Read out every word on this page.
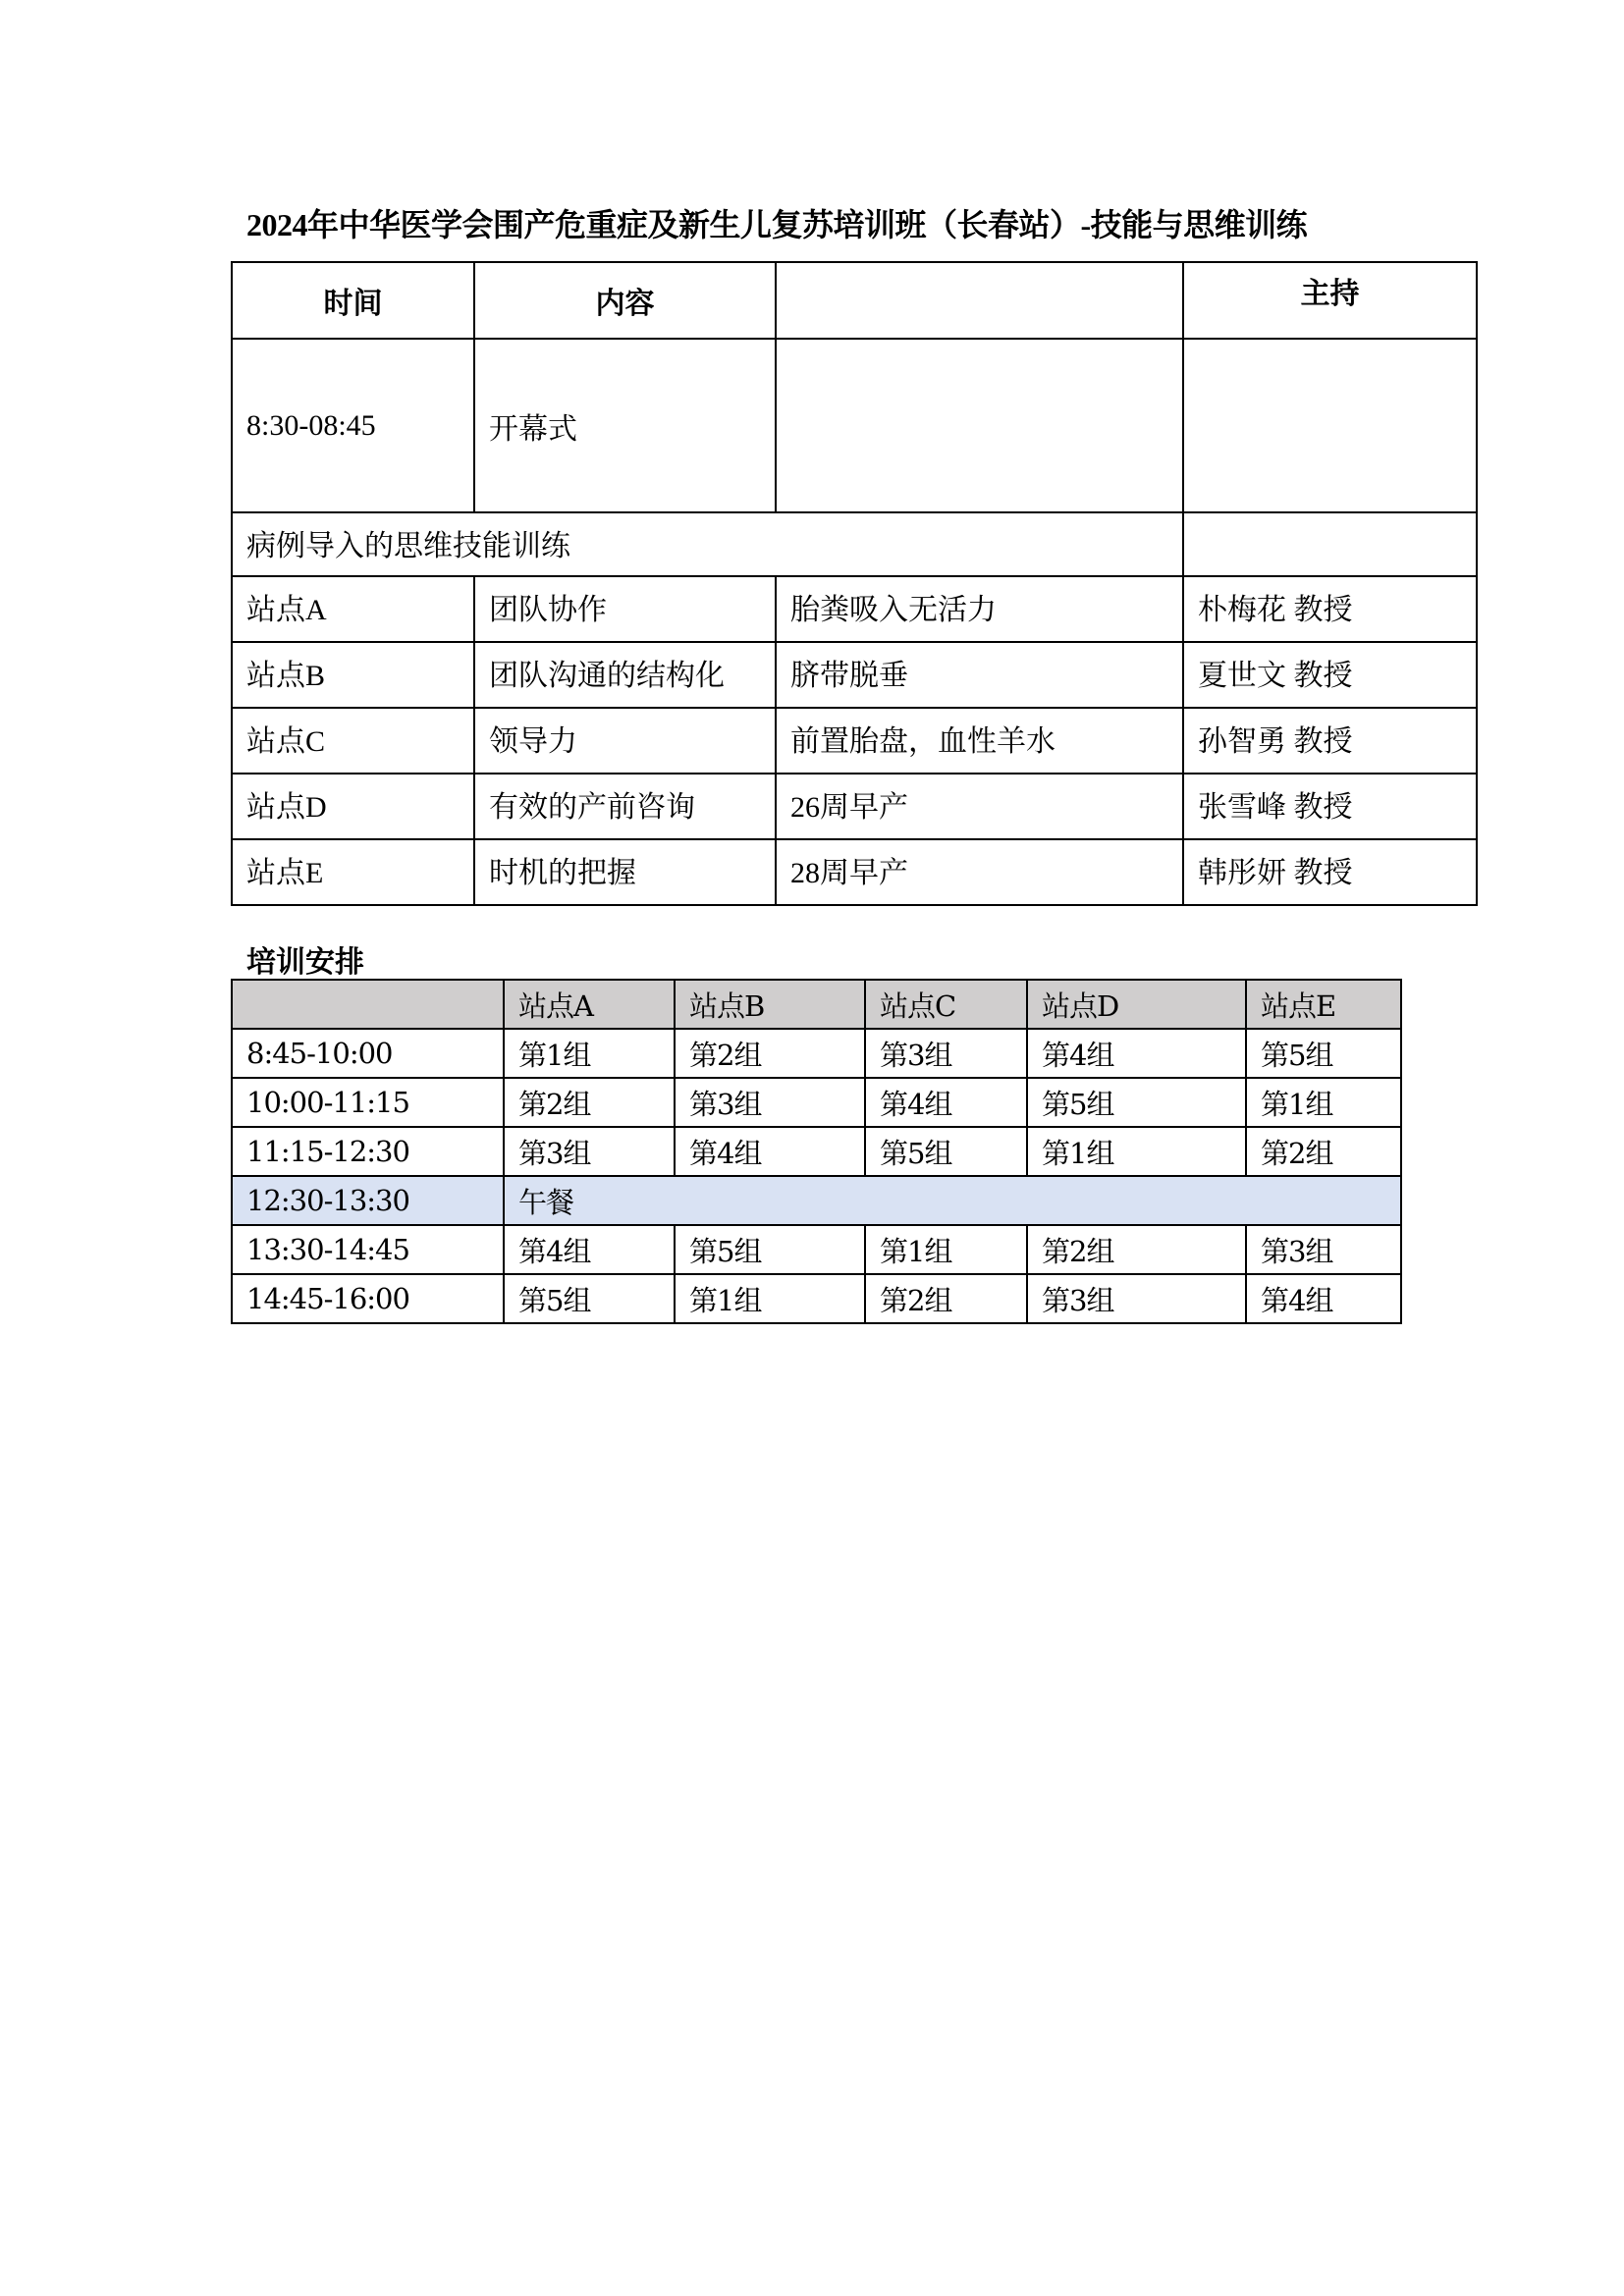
2024年中华医学会围产危重症及新生儿复苏培训班（长春站）-技能与思维训练
时间	内容		主持
8:30-08:45	开幕式		
病例导入的思维技能训练			
站点A	团队协作	胎粪吸入无活力	朴梅花 教授
站点B	团队沟通的结构化	脐带脱垂	夏世文 教授
站点C	领导力	前置胎盘，血性羊水	孙智勇 教授
站点D	有效的产前咨询	26周早产	张雪峰 教授
站点E	时机的把握	28周早产	韩彤妍 教授
培训安排
	站点A	站点B	站点C	站点D	站点E
8:45-10:00	第1组	第2组	第3组	第4组	第5组
10:00-11:15	第2组	第3组	第4组	第5组	第1组
11:15-12:30	第3组	第4组	第5组	第1组	第2组
12:30-13:30	午餐				
13:30-14:45	第4组	第5组	第1组	第2组	第3组
14:45-16:00	第5组	第1组	第2组	第3组	第4组
